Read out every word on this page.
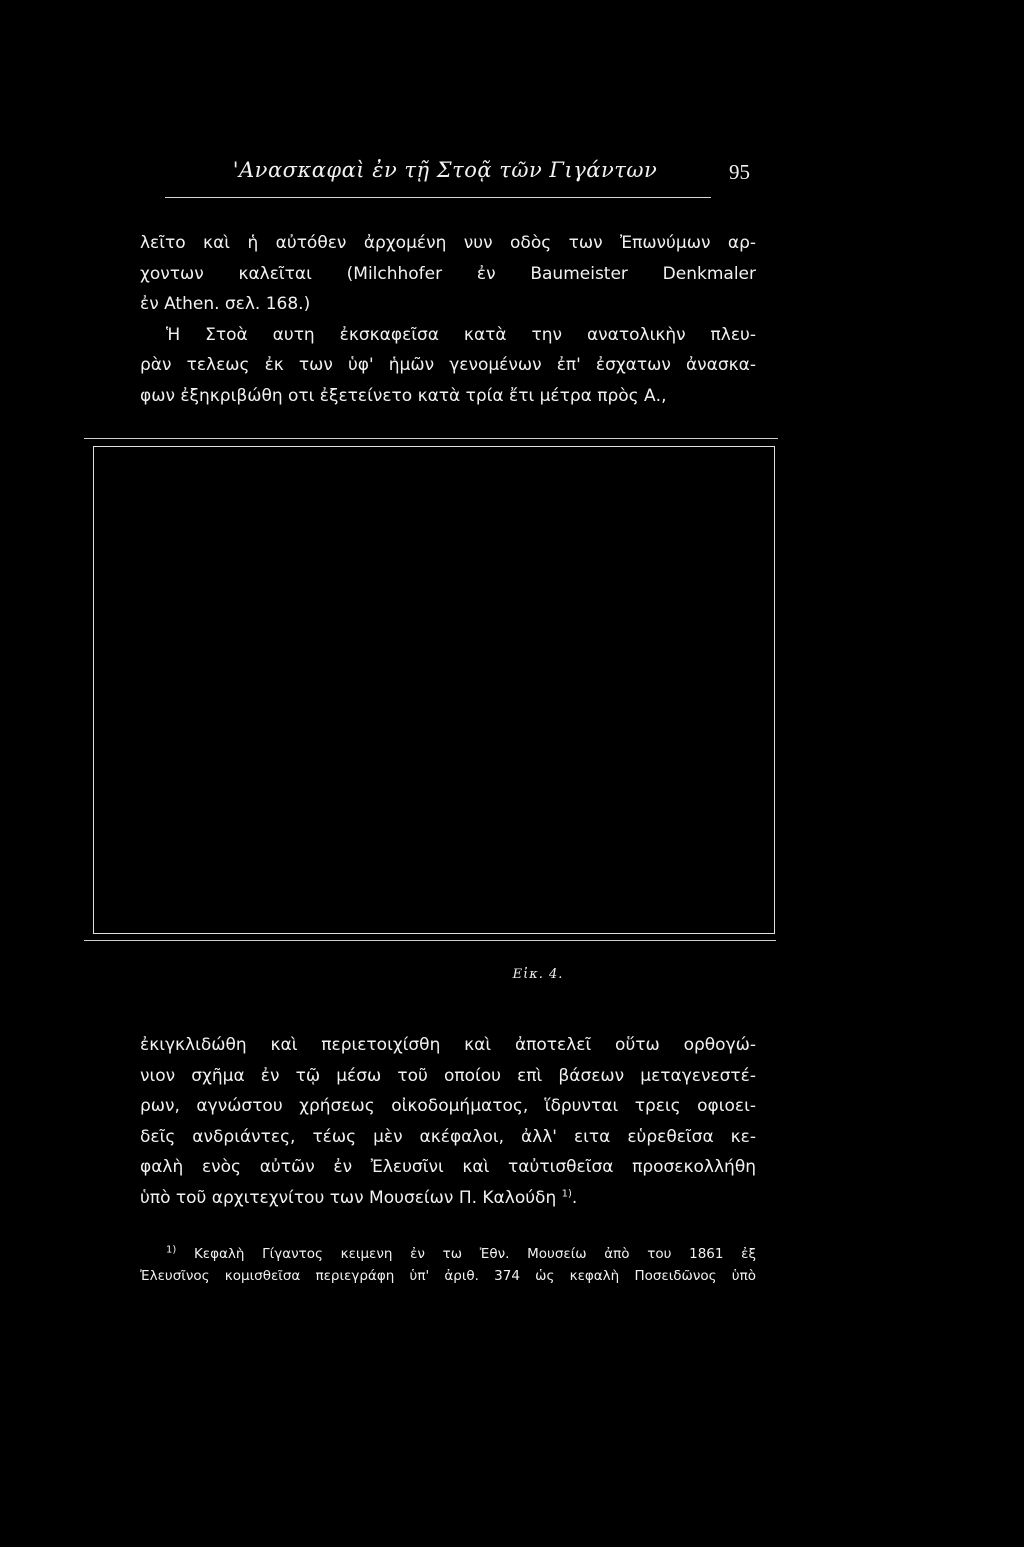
'Ανασκαφαὶ ἐν τῇ Στοᾷ τῶν Γιγάντων	95
λεῖτο καὶ ἡ αὐτόθεν ἀρχομένη νυν οδὸς των Ἐπωνύμων αρ-
χοντων καλεῖται (Milchhofer ἐν Baumeister Denkmaler
ἐν Athen. σελ. 168.)
Ἡ Στοὰ αυτη ἐκσκαφεῖσα κατὰ την ανατολικὴν πλευ-
ρὰν τελεως ἐκ των ὑφ' ἡμῶν γενομένων ἐπ' ἐσχατων ἀνασκα-
φων ἐξηκριβώθη οτι ἐξετείνετο κατὰ τρία ἔτι μέτρα πρὸς Α.,
Εἰκ. 4.
ἐκιγκλιδώθη καὶ περιετοιχίσθη καὶ ἀποτελεῖ οὕτω ορθογώ-
νιον σχῆμα ἐν τῷ μέσω τοῦ οποίου επὶ βάσεων μεταγενεστέ-
ρων, αγνώστου χρήσεως οἰκοδομήματος, ἵδρυνται τρεις οφιοει-
δεῖς ανδριάντες, τέως μὲν ακέφαλοι, ἀλλ' ειτα εὑρεθεῖσα κε-
φαλὴ ενὸς αὐτῶν ἐν Ἐλευσῖνι καὶ ταὐτισθεῖσα προσεκολλήθη
ὑπὸ τοῦ αρχιτεχνίτου των Μουσείων Π. Καλούδη $^{1)}$.
$^{1)}$ Κεφαλὴ Γίγαντος κειμενη ἐν τω Ἐθν. Μουσείω ἀπὸ του 1861 ἐξ
Ἐλευσῖνος κομισθεῖσα περιεγράφη ὑπ' ἀριθ. 374 ὡς κεφαλὴ Ποσειδῶνος ὑπὸ
